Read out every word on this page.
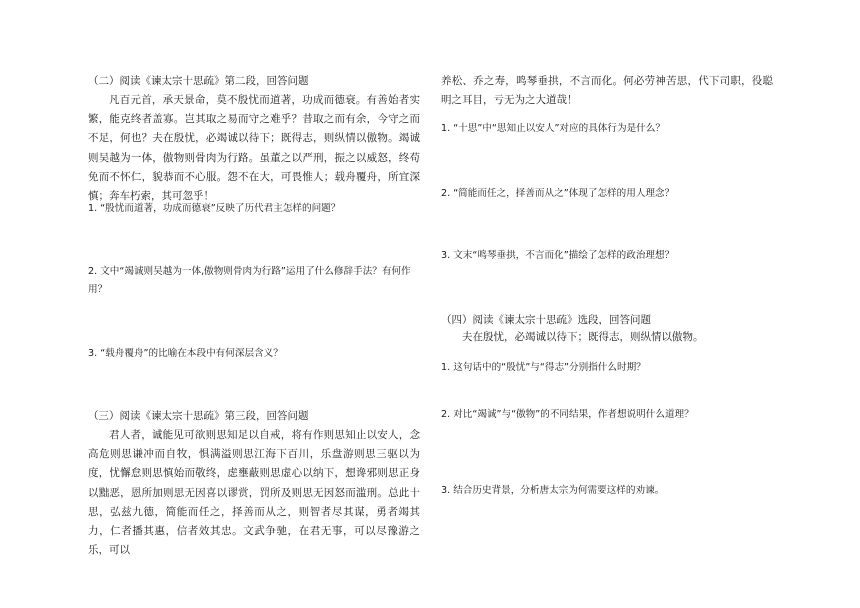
（二）阅读《谏太宗十思疏》第二段，回答问题
凡百元首，承天景命，莫不殷忧而道著，功成而德衰。有善始者实繁，能克终者盖寡。岂其取之易而守之难乎？昔取之而有余，今守之而不足，何也？夫在殷忧，必竭诚以待下；既得志，则纵情以傲物。竭诚则吴越为一体，傲物则骨肉为行路。虽董之以严刑，振之以威怒，终苟免而不怀仁，貌恭而不心服。怨不在大，可畏惟人；载舟覆舟，所宜深慎；奔车朽索，其可忽乎！
1. “殷忧而道著，功成而德衰”反映了历代君主怎样的问题？
2. 文中“竭诚则吴越为一体,傲物则骨肉为行路”运用了什么修辞手法？有何作用？
3. “载舟覆舟”的比喻在本段中有何深层含义？
（三）阅读《谏太宗十思疏》第三段，回答问题
君人者，诚能见可欲则思知足以自戒，将有作则思知止以安人，念高危则思谦冲而自牧，惧满溢则思江海下百川，乐盘游则思三驱以为度，忧懈怠则思慎始而敬终，虑壅蔽则思虚心以纳下，想谗邪则思正身以黜恶，恩所加则思无因喜以谬赏，罚所及则思无因怒而滥刑。总此十思，弘兹九德，简能而任之，择善而从之，则智者尽其谋，勇者竭其力，仁者播其惠，信者效其忠。文武争驰，在君无事，可以尽豫游之乐，可以
养松、乔之寿，鸣琴垂拱，不言而化。何必劳神苦思，代下司职，役聪明之耳目，亏无为之大道哉！
1. “十思”中“思知止以安人”对应的具体行为是什么？
2. “简能而任之，择善而从之”体现了怎样的用人理念？
3. 文末“鸣琴垂拱，不言而化”描绘了怎样的政治理想？
（四）阅读《谏太宗十思疏》选段，回答问题
夫在殷忧，必竭诚以待下；既得志，则纵情以傲物。
1. 这句话中的“殷忧”与“得志”分别指什么时期？
2. 对比“竭诚”与“傲物”的不同结果，作者想说明什么道理？
3. 结合历史背景，分析唐太宗为何需要这样的劝谏。
